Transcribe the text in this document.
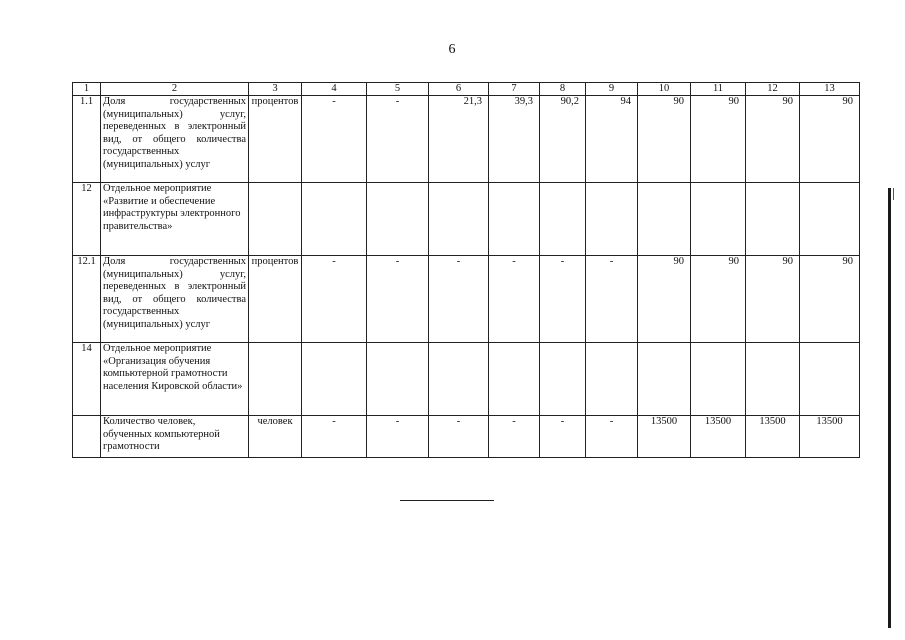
6
1	2	3	4	5	6	7	8	9	10	11	12	13
1.1	Доля государственных (муниципальных) услуг, переведенных в электронный вид, от общего количества государственных (муниципальных) услуг	процентов	-	-	21,3	39,3	90,2	94	90	90	90	90
12	Отдельное мероприятие «Развитие и обеспечение инфраструктуры электронного правительства»											
12.1	Доля государственных (муниципальных) услуг, переведенных в электронный вид, от общего количества государственных (муниципальных) услуг	процентов	-	-	-	-	-	-	90	90	90	90
14	Отдельное мероприятие «Организация обучения компьютерной грамотности населения Кировской области»											
	Количество человек, обученных компьютерной грамотности	человек	-	-	-	-	-	-	13500	13500	13500	13500
